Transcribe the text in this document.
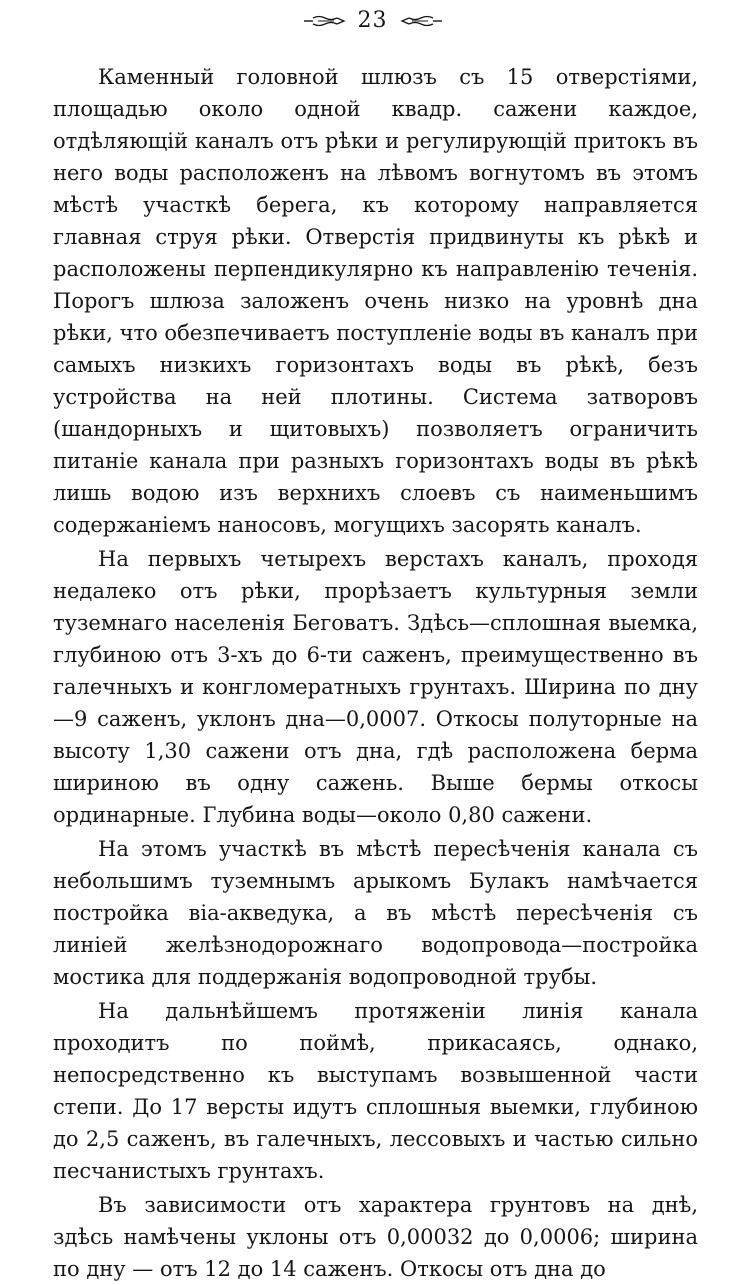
23

Каменный головной шлюзъ съ 15 отверстіями, площадью около одной квадр. сажени каждое, отдѣляющій каналъ отъ рѣки и регулирующій притокъ въ него воды расположенъ на лѣвомъ вогнутомъ въ этомъ мѣстѣ участкѣ берега, къ которому направляется главная струя рѣки. Отверстія придвинуты къ рѣкѣ и расположены перпендикулярно къ направленію теченія. Порогъ шлюза заложенъ очень низко на уровнѣ дна рѣки, что обезпечиваетъ поступленіе воды въ каналъ при самыхъ низкихъ горизонтахъ воды въ рѣкѣ, безъ устройства на ней плотины. Система затворовъ (шандорныхъ и щитовыхъ) позволяетъ ограничить питаніе канала при разныхъ горизонтахъ воды въ рѣкѣ лишь водою изъ верхнихъ слоевъ съ наименьшимъ содержаніемъ наносовъ, могущихъ засорять каналъ.

На первыхъ четырехъ верстахъ каналъ, проходя недалеко отъ рѣки, прорѣзаетъ культурныя земли туземнаго населенія Беговатъ. Здѣсь—сплошная выемка, глубиною отъ 3-хъ до 6-ти саженъ, преимущественно въ галечныхъ и конгломератныхъ грунтахъ. Ширина по дну—9 саженъ, уклонъ дна—0,0007. Откосы полуторные на высоту 1,30 сажени отъ дна, гдѣ расположена берма шириною въ одну сажень. Выше бермы откосы ординарные. Глубина воды—около 0,80 сажени.

На этомъ участкѣ въ мѣстѣ пересѣченія канала съ небольшимъ туземнымъ арыкомъ Булакъ намѣчается постройка віа-акведука, а въ мѣстѣ пересѣченія съ линіей желѣзнодорожнаго водопровода—постройка мостика для поддержанія водопроводной трубы.

На дальнѣйшемъ протяженіи линія канала проходитъ по поймѣ, прикасаясь, однако, непосредственно къ выступамъ возвышенной части степи. До 17 версты идутъ сплошныя выемки, глубиною до 2,5 саженъ, въ галечныхъ, лессовыхъ и частью сильно песчанистыхъ грунтахъ.

Въ зависимости отъ характера грунтовъ на днѣ, здѣсь намѣчены уклоны отъ 0,00032 до 0,0006; ширина по дну — отъ 12 до 14 саженъ. Откосы отъ дна до
